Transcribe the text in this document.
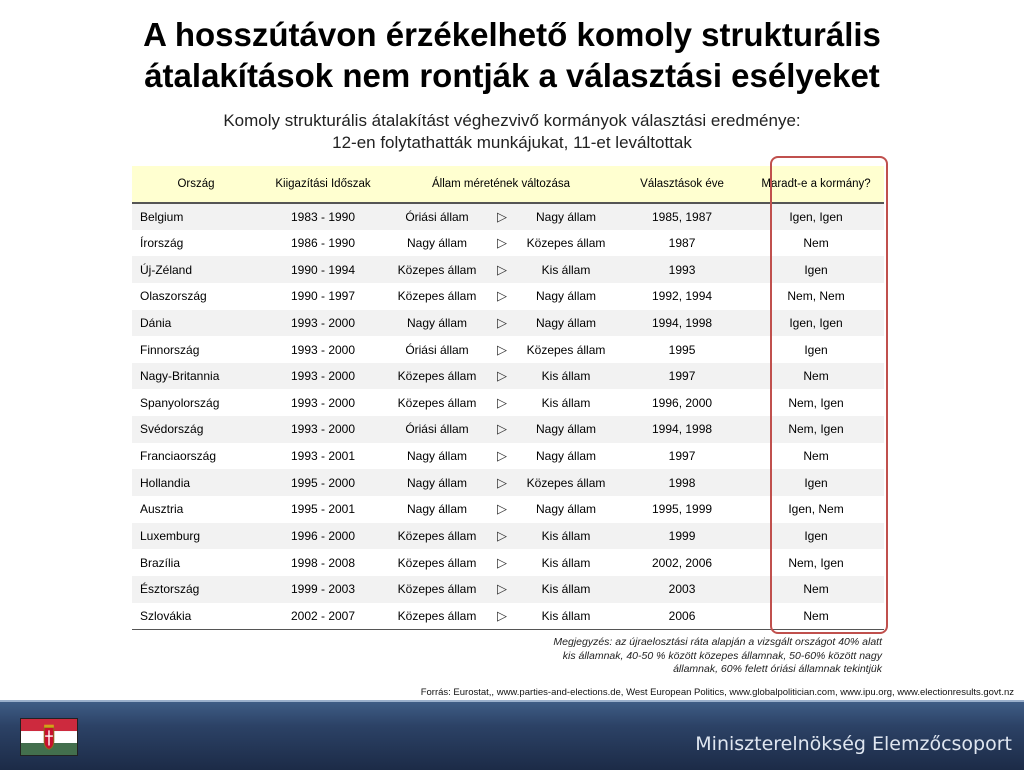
A hosszútávon érzékelhető komoly strukturális
átalakítások nem rontják a választási esélyeket
Komoly strukturális átalakítást véghezvivő kormányok választási eredménye:
12-en folytathatták munkájukat, 11-et leváltottak
Ország	Kiigazítási Időszak	Állam méretének változása			Választások éve	Maradt-e a kormány?
Belgium	1983 - 1990	Óriási állam	▷	Nagy állam	1985, 1987	Igen, Igen
Írország	1986 - 1990	Nagy állam	▷	Közepes állam	1987	Nem
Új-Zéland	1990 - 1994	Közepes állam	▷	Kis állam	1993	Igen
Olaszország	1990 - 1997	Közepes állam	▷	Nagy állam	1992, 1994	Nem, Nem
Dánia	1993 - 2000	Nagy állam	▷	Nagy állam	1994, 1998	Igen, Igen
Finnország	1993 - 2000	Óriási állam	▷	Közepes állam	1995	Igen
Nagy-Britannia	1993 - 2000	Közepes állam	▷	Kis állam	1997	Nem
Spanyolország	1993 - 2000	Közepes állam	▷	Kis állam	1996, 2000	Nem, Igen
Svédország	1993 - 2000	Óriási állam	▷	Nagy állam	1994, 1998	Nem, Igen
Franciaország	1993 - 2001	Nagy állam	▷	Nagy állam	1997	Nem
Hollandia	1995 - 2000	Nagy állam	▷	Közepes állam	1998	Igen
Ausztria	1995 - 2001	Nagy állam	▷	Nagy állam	1995, 1999	Igen, Nem
Luxemburg	1996 - 2000	Közepes állam	▷	Kis állam	1999	Igen
Brazília	1998 - 2008	Közepes állam	▷	Kis állam	2002, 2006	Nem, Igen
Észtország	1999 - 2003	Közepes állam	▷	Kis állam	2003	Nem
Szlovákia	2002 - 2007	Közepes állam	▷	Kis állam	2006	Nem
Megjegyzés: az újraelosztási ráta alapján a vizsgált országot 40% alatt
kis államnak, 40-50 % között közepes államnak, 50-60% között nagy
államnak, 60% felett óriási államnak tekintjük
Forrás: Eurostat,, www.parties-and-elections.de, West European Politics, www.globalpolitician.com, www.ipu.org, www.electionresults.govt.nz
Miniszterelnökség Elemzőcsoport
